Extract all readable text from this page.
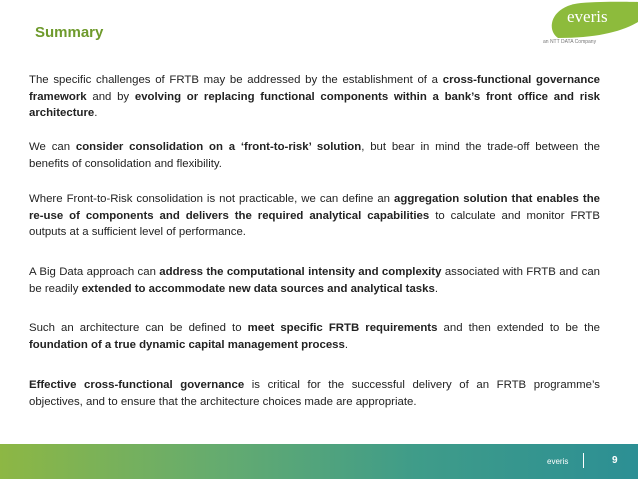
Summary
everis
an NTT DATA Company

The specific challenges of FRTB may be addressed by the establishment of a cross-functional governance framework and by evolving or replacing functional components within a bank’s front office and risk architecture.

We can consider consolidation on a ‘front-to-risk’ solution, but bear in mind the trade-off between the benefits of consolidation and flexibility.

Where Front-to-Risk consolidation is not practicable, we can define an aggregation solution that enables the re-use of components and delivers the required analytical capabilities to calculate and monitor FRTB outputs at a sufficient level of performance.

A Big Data approach can address the computational intensity and complexity associated with FRTB and can be readily extended to accommodate new data sources and analytical tasks.

Such an architecture can be defined to meet specific FRTB requirements and then extended to be the foundation of a true dynamic capital management process.

Effective cross-functional governance is critical for the successful delivery of an FRTB programme’s objectives, and to ensure that the architecture choices made are appropriate.

everis	9
